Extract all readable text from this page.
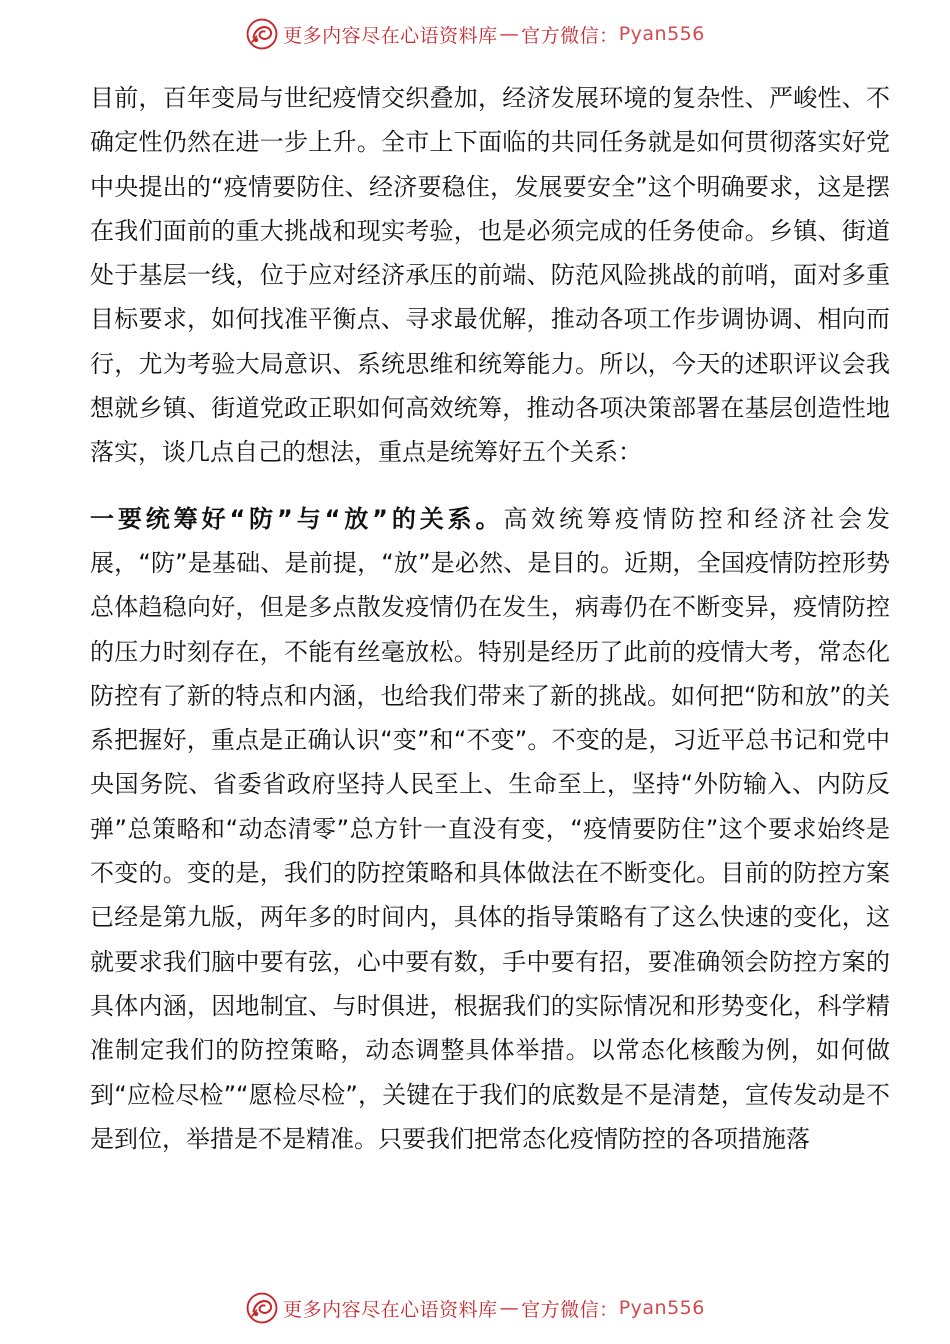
更多内容尽在心语资料库 — 官方微信： Pyan556

目前，百年变局与世纪疫情交织叠加，经济发展环境的复杂性、严峻性、不确定性仍然在进一步上升。全市上下面临的共同任务就是如何贯彻落实好党中央提出的“疫情要防住、经济要稳住，发展要安全”这个明确要求，这是摆在我们面前的重大挑战和现实考验，也是必须完成的任务使命。乡镇、街道处于基层一线，位于应对经济承压的前端、防范风险挑战的前哨，面对多重目标要求，如何找准平衡点、寻求最优解，推动各项工作步调协调、相向而行，尤为考验大局意识、系统思维和统筹能力。所以，今天的述职评议会我想就乡镇、街道党政正职如何高效统筹，推动各项决策部署在基层创造性地落实，谈几点自己的想法，重点是统筹好五个关系：

一要统筹好“防”与“放”的关系。高效统筹疫情防控和经济社会发展，“防”是基础、是前提，“放”是必然、是目的。近期，全国疫情防控形势总体趋稳向好，但是多点散发疫情仍在发生，病毒仍在不断变异，疫情防控的压力时刻存在，不能有丝毫放松。特别是经历了此前的疫情大考，常态化防控有了新的特点和内涵，也给我们带来了新的挑战。如何把“防和放”的关系把握好，重点是正确认识“变”和“不变”。不变的是，习近平总书记和党中央国务院、省委省政府坚持人民至上、生命至上，坚持“外防输入、内防反弹”总策略和“动态清零”总方针一直没有变，“疫情要防住”这个要求始终是不变的。变的是，我们的防控策略和具体做法在不断变化。目前的防控方案已经是第九版，两年多的时间内，具体的指导策略有了这么快速的变化，这就要求我们脑中要有弦，心中要有数，手中要有招，要准确领会防控方案的具体内涵，因地制宜、与时俱进，根据我们的实际情况和形势变化，科学精准制定我们的防控策略，动态调整具体举措。以常态化核酸为例，如何做到“应检尽检”“愿检尽检”，关键在于我们的底数是不是清楚，宣传发动是不是到位，举措是不是精准。只要我们把常态化疫情防控的各项措施落

更多内容尽在心语资料库 — 官方微信： Pyan556
